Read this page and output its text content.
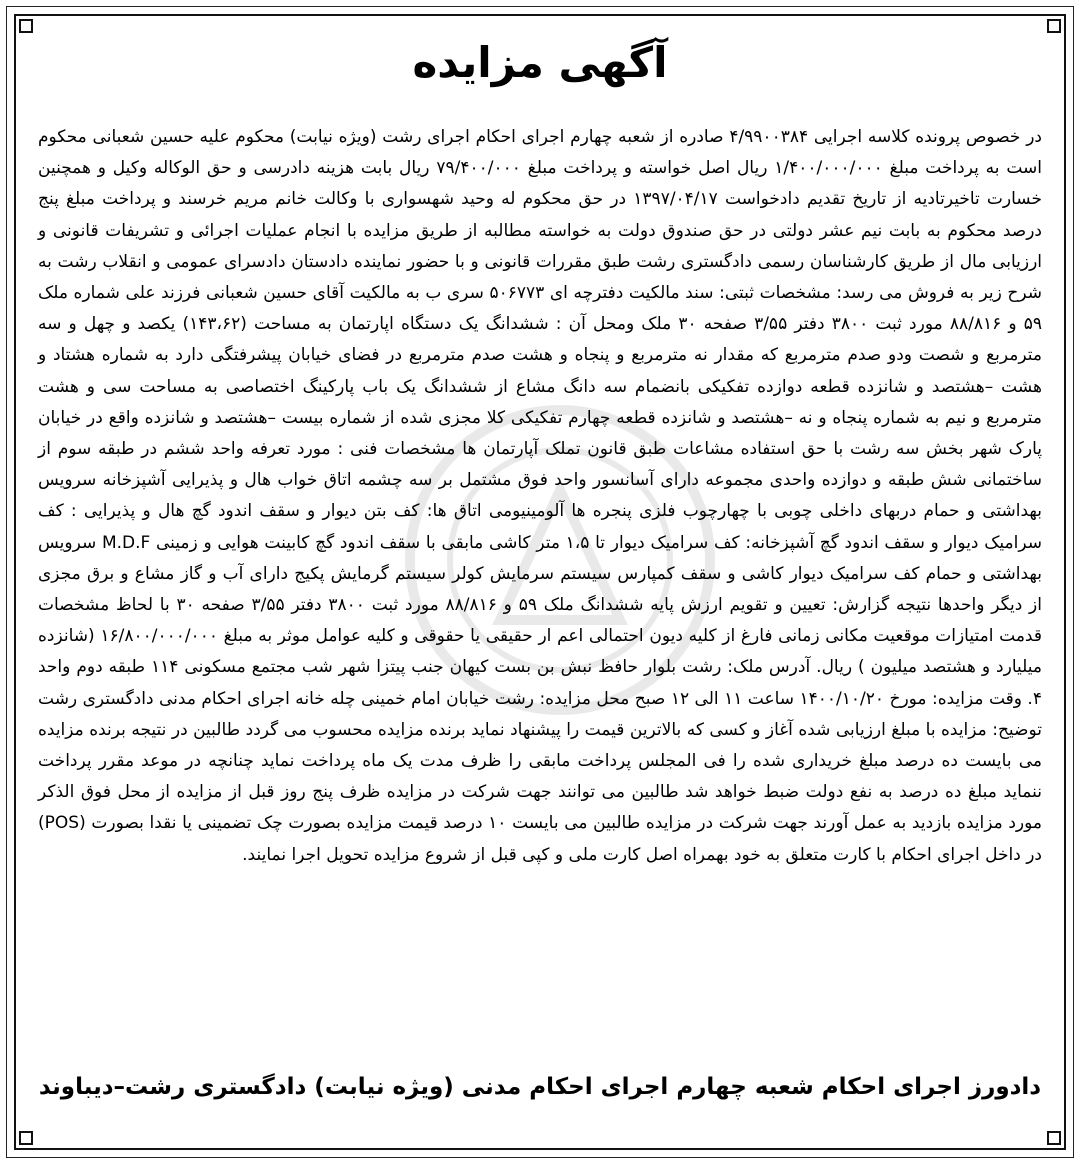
آگهی مزایده
در خصوص پرونده کلاسه اجرایی ۴/۹۹۰۰۳۸۴ صادره از شعبه چهارم اجرای احکام اجرای رشت (ویژه نیابت) محکوم علیه حسین شعبانی محکوم است به پرداخت مبلغ ۱/۴۰۰/۰۰۰/۰۰۰ ریال اصل خواسته و پرداخت مبلغ ۷۹/۴۰۰/۰۰۰ ریال بابت هزینه دادرسی و حق الوکاله وکیل و همچنین خسارت تاخیرتادیه از تاریخ تقدیم دادخواست ۱۳۹۷/۰۴/۱۷ در حق محکوم له وحید شهسواری با وکالت خانم مریم خرسند و پرداخت مبلغ پنج درصد محکوم به بابت نیم عشر دولتی در حق صندوق دولت به خواسته مطالبه از طریق مزایده با انجام عملیات اجرائی و تشریفات قانونی و ارزیابی مال از طریق کارشناسان رسمی دادگستری رشت طبق مقررات قانونی و با حضور نماینده دادستان دادسرای عمومی و انقلاب رشت به شرح زیر به فروش می رسد: مشخصات ثبتی: سند مالکیت دفترچه ای ۵۰۶۷۷۳ سری ب به مالکیت آقای حسین شعبانی فرزند علی شماره ملک ۵۹ و ۸۸/۸۱۶ مورد ثبت ۳۸۰۰ دفتر ۳/۵۵ صفحه ۳۰ ملک ومحل آن : ششدانگ یک دستگاه اپارتمان به مساحت (۱۴۳،۶۲) یکصد و چهل و سه مترمربع و شصت ودو صدم مترمربع که مقدار نه مترمربع و پنجاه و هشت صدم مترمربع در فضای خیابان پیشرفتگی دارد به شماره هشتاد و هشت –هشتصد و شانزده قطعه دوازده تفکیکی بانضمام سه دانگ مشاع از ششدانگ یک باب پارکینگ اختصاصی به مساحت سی و هشت مترمربع و نیم به شماره پنجاه و نه –هشتصد و شانزده قطعه چهارم تفکیکی کلا مجزی شده از شماره بیست –هشتصد و شانزده واقع در خیابان پارک شهر بخش سه رشت با حق استفاده مشاعات طبق قانون تملک آپارتمان ها مشخصات فنی : مورد تعرفه واحد ششم در طبقه سوم از ساختمانی شش طبقه و دوازده واحدی مجموعه دارای آسانسور واحد فوق مشتمل بر سه چشمه اتاق خواب هال و پذیرایی آشپزخانه سرویس بهداشتی و حمام دربهای داخلی چوبی با چهارچوب فلزی پنجره ها آلومینیومی اتاق ها: کف بتن دیوار و سقف اندود گچ هال و پذیرایی : کف سرامیک دیوار و سقف اندود گچ آشپزخانه: کف سرامیک دیوار تا ۱،۵ متر کاشی مابقی با سقف اندود گچ کابینت هوایی و زمینی M.D.F سرویس بهداشتی و حمام کف سرامیک دیوار کاشی و سقف کمپارس سیستم سرمایش کولر سیستم گرمایش پکیج دارای آب و گاز مشاع و برق مجزی از دیگر واحدها نتیجه گزارش: تعیین و تقویم ارزش پایه ششدانگ ملک ۵۹ و ۸۸/۸۱۶ مورد ثبت ۳۸۰۰ دفتر ۳/۵۵ صفحه ۳۰ با لحاظ مشخصات قدمت امتیازات موقعیت مکانی زمانی فارغ از کلیه دیون احتمالی اعم ار حقیقی یا حقوقی و کلیه عوامل موثر به مبلغ ۱۶/۸۰۰/۰۰۰/۰۰۰ (شانزده میلیارد و هشتصد میلیون ) ریال. آدرس ملک: رشت بلوار حافظ نبش بن بست کیهان جنب پیتزا شهر شب مجتمع مسکونی ۱۱۴ طبقه دوم واحد ۴. وقت مزایده: مورخ ۱۴۰۰/۱۰/۲۰ ساعت ۱۱ الی ۱۲ صبح محل مزایده: رشت خیابان امام خمینی چله خانه اجرای احکام مدنی دادگستری رشت توضیح: مزایده با مبلغ ارزیابی شده آغاز و کسی که بالاترین قیمت را پیشنهاد نماید برنده مزایده محسوب می گردد طالبین در نتیجه برنده مزایده می بایست ده درصد مبلغ خریداری شده را فی المجلس پرداخت مابقی را ظرف مدت یک ماه پرداخت نماید چنانچه در موعد مقرر پرداخت ننماید مبلغ ده درصد به نفع دولت ضبط خواهد شد طالبین می توانند جهت شرکت در مزایده ظرف پنج روز قبل از مزایده از محل فوق الذکر مورد مزایده بازدید به عمل آورند جهت شرکت در مزایده طالبین می بایست ۱۰ درصد قیمت مزایده بصورت چک تضمینی یا نقدا بصورت (POS) در داخل اجرای احکام با کارت متعلق به خود بهمراه اصل کارت ملی و کپی قبل از شروع مزایده تحویل اجرا نمایند.
دادورز اجرای احکام شعبه چهارم اجرای احکام مدنی (ویژه نیابت) دادگستری رشت–دیباوند
